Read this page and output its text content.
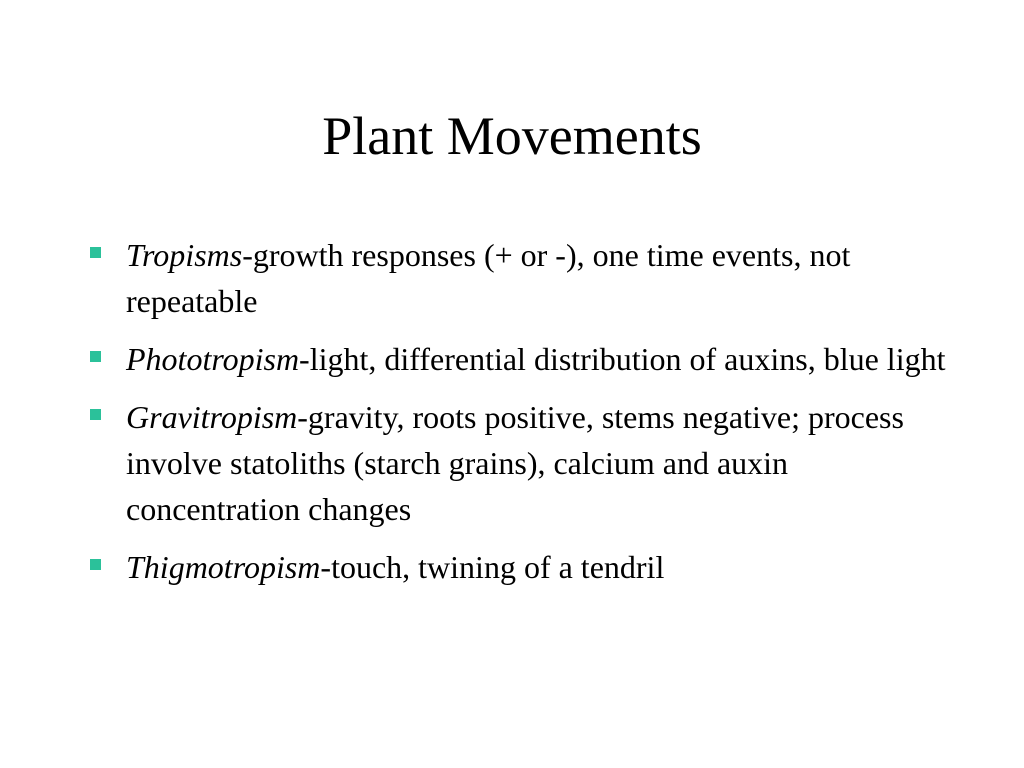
Plant Movements
Tropisms-growth responses (+ or -), one time events, not repeatable
Phototropism-light, differential distribution of auxins, blue light
Gravitropism-gravity, roots positive, stems negative; process involve statoliths (starch grains), calcium and auxin concentration changes
Thigmotropism-touch, twining of a tendril
